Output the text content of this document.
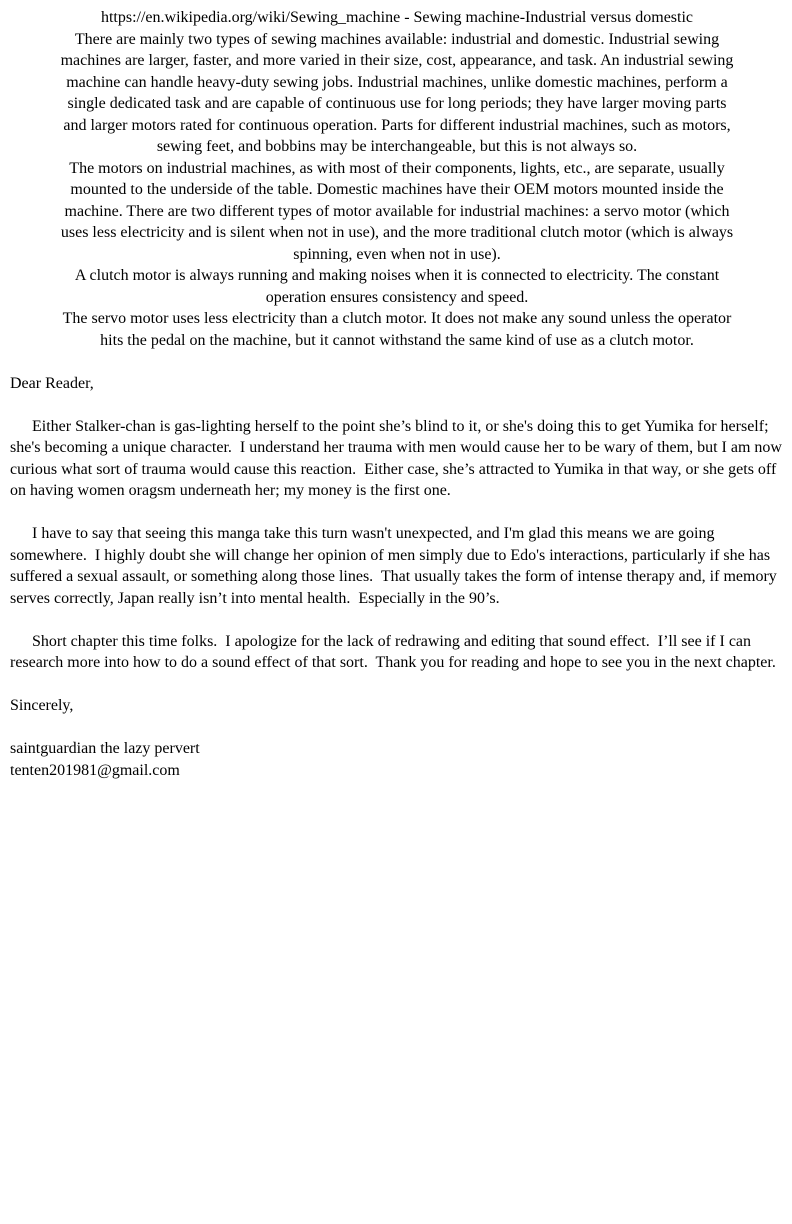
https://en.wikipedia.org/wiki/Sewing_machine - Sewing machine-Industrial versus domestic
There are mainly two types of sewing machines available: industrial and domestic. Industrial sewing
machines are larger, faster, and more varied in their size, cost, appearance, and task. An industrial sewing
machine can handle heavy-duty sewing jobs. Industrial machines, unlike domestic machines, perform a
single dedicated task and are capable of continuous use for long periods; they have larger moving parts
and larger motors rated for continuous operation. Parts for different industrial machines, such as motors,
sewing feet, and bobbins may be interchangeable, but this is not always so.
The motors on industrial machines, as with most of their components, lights, etc., are separate, usually
mounted to the underside of the table. Domestic machines have their OEM motors mounted inside the
machine. There are two different types of motor available for industrial machines: a servo motor (which
uses less electricity and is silent when not in use), and the more traditional clutch motor (which is always
spinning, even when not in use).
A clutch motor is always running and making noises when it is connected to electricity. The constant
operation ensures consistency and speed.
The servo motor uses less electricity than a clutch motor. It does not make any sound unless the operator
hits the pedal on the machine, but it cannot withstand the same kind of use as a clutch motor.
Dear Reader,

Either Stalker-chan is gas-lighting herself to the point she’s blind to it, or she's doing this to get Yumika for herself; she's becoming a unique character.  I understand her trauma with men would cause her to be wary of them, but I am now curious what sort of trauma would cause this reaction.  Either case, she’s attracted to Yumika in that way, or she gets off on having women oragsm underneath her; my money is the first one.

I have to say that seeing this manga take this turn wasn't unexpected, and I'm glad this means we are going somewhere.  I highly doubt she will change her opinion of men simply due to Edo's interactions, particularly if she has suffered a sexual assault, or something along those lines.  That usually takes the form of intense therapy and, if memory serves correctly, Japan really isn’t into mental health.  Especially in the 90’s.

Short chapter this time folks.  I apologize for the lack of redrawing and editing that sound effect.  I’ll see if I can research more into how to do a sound effect of that sort.  Thank you for reading and hope to see you in the next chapter.

Sincerely,
saintguardian the lazy pervert
tenten201981@gmail.com
